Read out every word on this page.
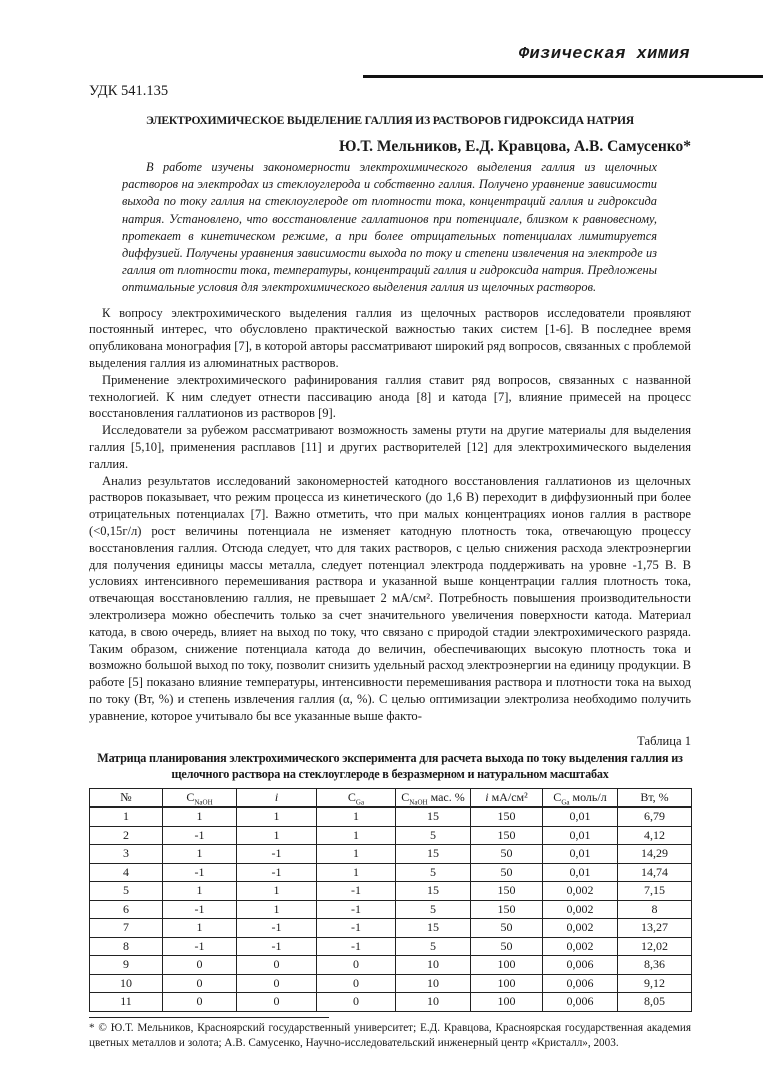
Физическая химия
УДК 541.135
ЭЛЕКТРОХИМИЧЕСКОЕ ВЫДЕЛЕНИЕ ГАЛЛИЯ ИЗ РАСТВОРОВ ГИДРОКСИДА НАТРИЯ
Ю.Т. Мельников, Е.Д. Кравцова, А.В. Самусенко*
В работе изучены закономерности электрохимического выделения галлия из щелочных растворов на электродах из стеклоуглерода и собственно галлия. Получено уравнение зависимости выхода по току галлия на стеклоуглероде от плотности тока, концентраций галлия и гидроксида натрия. Установлено, что восстановление галлатионов при потенциале, близком к равновесному, протекает в кинетическом режиме, а при более отрицательных потенциалах лимитируется диффузией. Получены уравнения зависимости выхода по току и степени извлечения на электроде из галлия от плотности тока, температуры, концентраций галлия и гидроксида натрия. Предложены оптимальные условия для электрохимического выделения галлия из щелочных растворов.

К вопросу электрохимического выделения галлия из щелочных растворов исследователи проявляют постоянный интерес, что обусловлено практической важностью таких систем [1-6]. В последнее время опубликована монография [7], в которой авторы рассматривают широкий ряд вопросов, связанных с проблемой выделения галлия из алюминатных растворов.

Применение электрохимического рафинирования галлия ставит ряд вопросов, связанных с названной технологией. К ним следует отнести пассивацию анода [8] и катода [7], влияние примесей на процесс восстановления галлатионов из растворов [9].

Исследователи за рубежом рассматривают возможность замены ртути на другие материалы для выделения галлия [5,10], применения расплавов [11] и других растворителей [12] для электрохимического выделения галлия.

Анализ результатов исследований закономерностей катодного восстановления галлатионов из щелочных растворов показывает, что режим процесса из кинетического (до 1,6 В) переходит в диффузионный при более отрицательных потенциалах [7]. Важно отметить, что при малых концентрациях ионов галлия в растворе (<0,15г/л) рост величины потенциала не изменяет катодную плотность тока, отвечающую процессу восстановления галлия. Отсюда следует, что для таких растворов, с целью снижения расхода электроэнергии для получения единицы массы металла, следует потенциал электрода поддерживать на уровне -1,75 В. В условиях интенсивного перемешивания раствора и указанной выше концентрации галлия плотность тока, отвечающая восстановлению галлия, не превышает 2 мА/см². Потребность повышения производительности электролизера можно обеспечить только за счет значительного увеличения поверхности катода. Материал катода, в свою очередь, влияет на выход по току, что связано с природой стадии электрохимического разряда. Таким образом, снижение потенциала катода до величин, обеспечивающих высокую плотность тока и возможно большой выход по току, позволит снизить удельный расход электроэнергии на единицу продукции. В работе [5] показано влияние температуры, интенсивности перемешивания раствора и плотности тока на выход по току (Вт, %) и степень извлечения галлия (α, %). С целью оптимизации электролиза необходимо получить уравнение, которое учитывало бы все указанные выше факто-

Таблица 1
Матрица планирования электрохимического эксперимента для расчета выхода по току выделения галлия из щелочного раствора на стеклоуглероде в безразмерном и натуральном масштабах
№	$C_{NaOH}$	i	$C_{Ga}$	$C_{NaOH}$ мас. %	i мА/см²	$C_{Ga}$ моль/л	Вт, %
1	1	1	1	15	150	0,01	6,79
2	-1	1	1	5	150	0,01	4,12
3	1	-1	1	15	50	0,01	14,29
4	-1	-1	1	5	50	0,01	14,74
5	1	1	-1	15	150	0,002	7,15
6	-1	1	-1	5	150	0,002	8
7	1	-1	-1	15	50	0,002	13,27
8	-1	-1	-1	5	50	0,002	12,02
9	0	0	0	10	100	0,006	8,36
10	0	0	0	10	100	0,006	9,12
11	0	0	0	10	100	0,006	8,05
* © Ю.Т. Мельников, Красноярский государственный университет; Е.Д. Кравцова, Красноярская государственная академия цветных металлов и золота; А.В. Самусенко, Научно-исследовательский инженерный центр «Кристалл», 2003.
